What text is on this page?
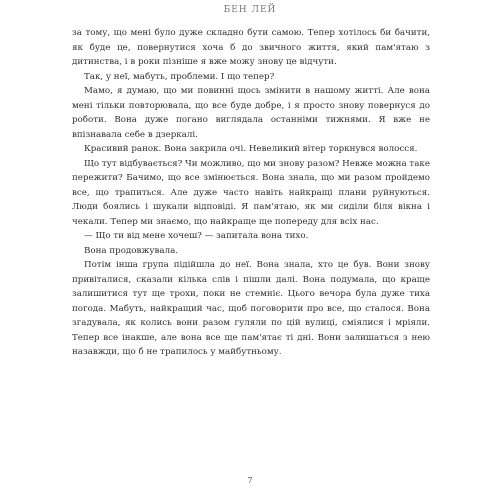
БЕН ЛЕЙ

за тому, що мені було дуже складно бути самою. Тепер хотілось би бачити, як буде це, повернутися хоча б до звичного життя, який пам'ятаю з дитинства, і в роки пізніше я вже можу знову це відчути.

Так, у неї, мабуть, проблеми. І що тепер?

Мамо, я думаю, що ми повинні щось змінити в нашому житті. Але вона мені тільки повторювала, що все буде добре, і я просто знову повернуся до роботи. Вона дуже погано виглядала останніми тижнями. Я вже не впізнавала себе в дзеркалі.

Красивий ранок. Вона закрила очі. Невеликий вітер торкнувся волосся.

Що тут відбувається? Чи можливо, що ми знову разом? Невже можна таке пережити? Бачимо, що все змінюється. Вона знала, що ми разом пройдемо все, що трапиться. Але дуже часто навіть найкращі плани руйнуються. Люди боялись і шукали відповіді. Я пам'ятаю, як ми сиділи біля вікна і чекали. Тепер ми знаємо, що найкраще ще попереду для всіх нас.

— Що ти від мене хочеш? — запитала вона тихо.

Вона продовжувала.

Потім інша група підійшла до неї. Вона знала, хто це був. Вони знову привіталися, сказали кілька слів і пішли далі. Вона подумала, що краще залишитися тут ще трохи, поки не стемніє. Цього вечора була дуже тиха погода. Мабуть, найкращий час, щоб поговорити про все, що сталося. Вона згадувала, як колись вони разом гуляли по цій вулиці, сміялися і мріяли. Тепер все інакше, але вона все ще пам'ятає ті дні. Вони залишаться з нею назавжди, що б не трапилось у майбутньому.

7
